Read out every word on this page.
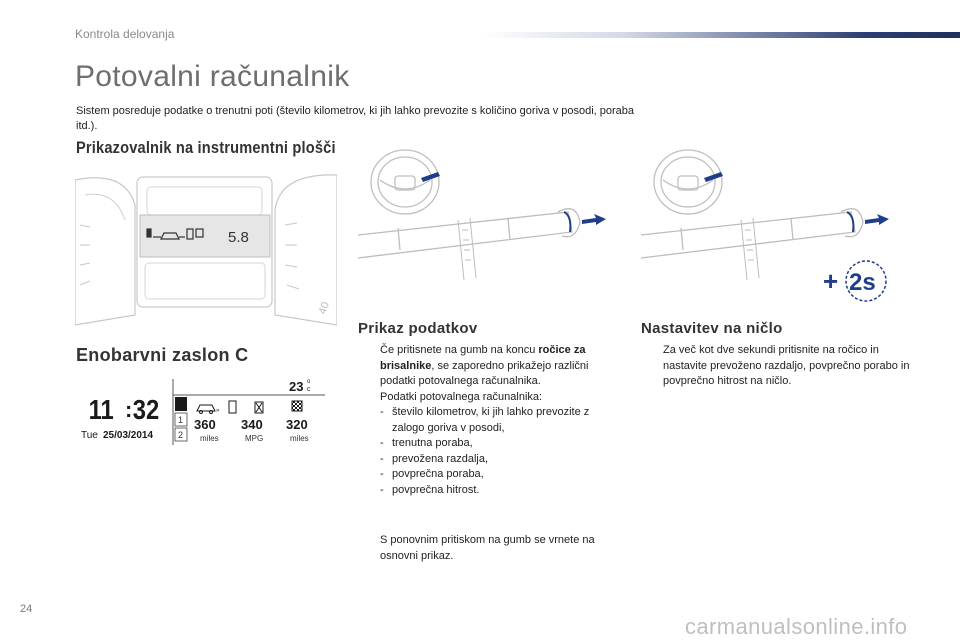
Kontrola delovanja
Potovalni računalnik
Sistem posreduje podatke o trenutni poti (število kilometrov, ki jih lahko prevozite s količino goriva v posodi, poraba itd.).
Prikazovalnik na instrumentni plošči
40
5.8
+ 2s
Enobarvni zaslon C
11 : 32
Tue 25/03/2014
23 o
c
1
2
»
360
miles
340
MPG
320
miles
Prikaz podatkov
Če pritisnete na gumb na koncu ročice za brisalnike, se zaporedno prikažejo različni podatki potovalnega računalnika.
Podatki potovalnega računalnika:
- število kilometrov, ki jih lahko prevozite z zalogo goriva v posodi,
- trenutna poraba,
- prevožena razdalja,
- povprečna poraba,
- povprečna hitrost.
S ponovnim pritiskom na gumb se vrnete na osnovni prikaz.
Nastavitev na ničlo
Za več kot dve sekundi pritisnite na ročico in nastavite prevoženo razdaljo, povprečno porabo in povprečno hitrost na ničlo.
24
carmanualsonline.info
